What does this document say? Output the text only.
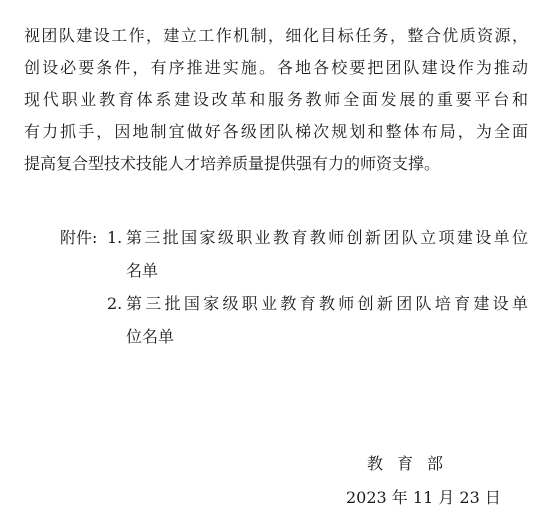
视团队建设工作，建立工作机制，细化目标任务，整合优质资源，
创设必要条件，有序推进实施。各地各校要把团队建设作为推动
现代职业教育体系建设改革和服务教师全面发展的重要平台和
有力抓手，因地制宜做好各级团队梯次规划和整体布局，为全面
提高复合型技术技能人才培养质量提供强有力的师资支撑。
附件: 1. 第三批国家级职业教育教师创新团队立项建设单位
名单
2. 第三批国家级职业教育教师创新团队培育建设单
位名单
教育部
2023 年 11 月 23 日
